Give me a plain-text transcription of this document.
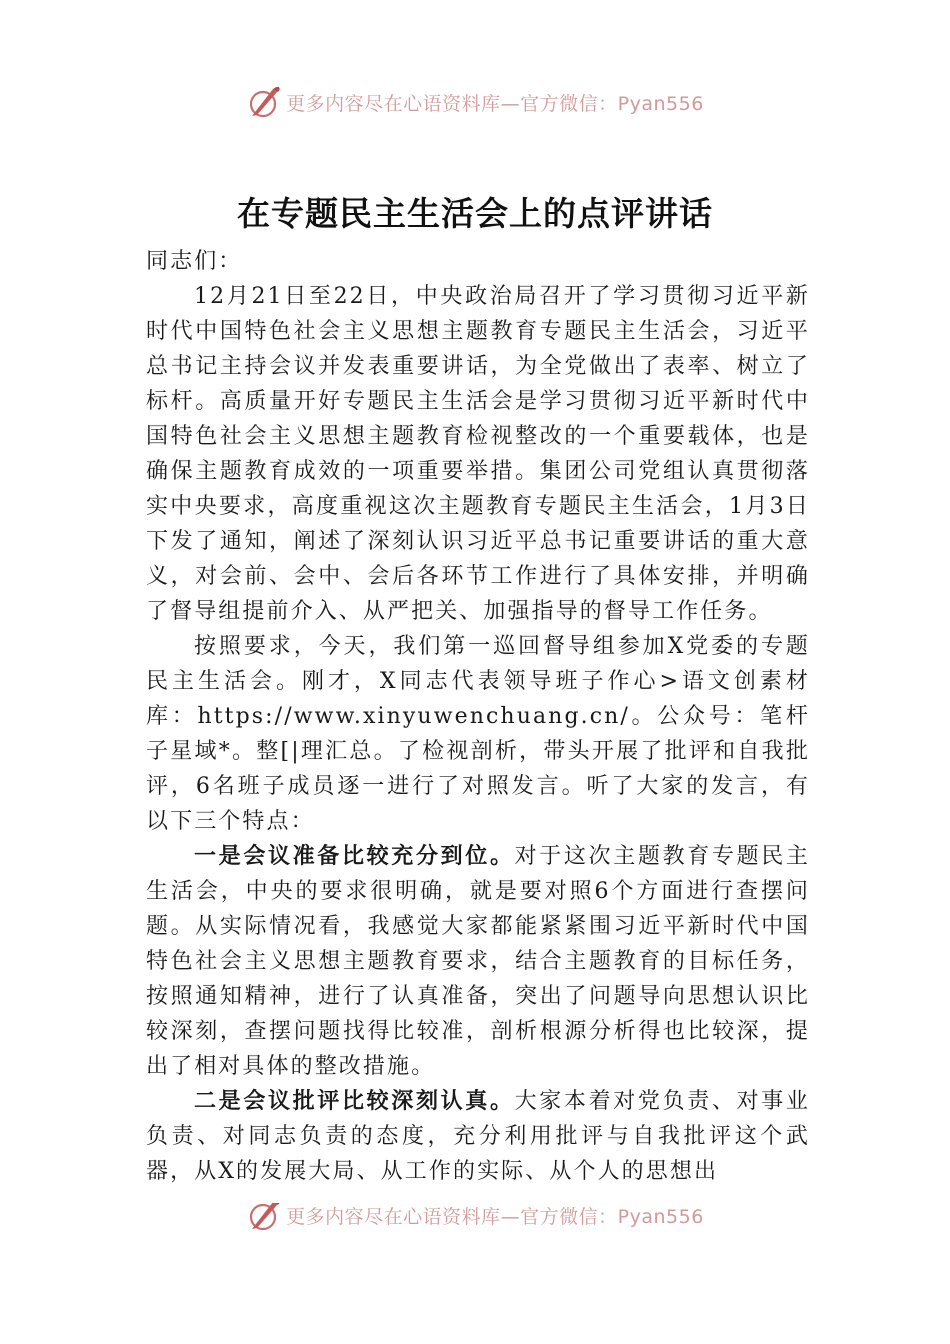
更多内容尽在心语资料库—官方微信：Pyan556
在专题民主生活会上的点评讲话

同志们：

12月21日至22日，中央政治局召开了学习贯彻习近平新时代中国特色社会主义思想主题教育专题民主生活会，习近平总书记主持会议并发表重要讲话，为全党做出了表率、树立了标杆。高质量开好专题民主生活会是学习贯彻习近平新时代中国特色社会主义思想主题教育检视整改的一个重要载体，也是确保主题教育成效的一项重要举措。集团公司党组认真贯彻落实中央要求，高度重视这次主题教育专题民主生活会，1月3日下发了通知，阐述了深刻认识习近平总书记重要讲话的重大意义，对会前、会中、会后各环节工作进行了具体安排，并明确了督导组提前介入、从严把关、加强指导的督导工作任务。

按照要求，今天，我们第一巡回督导组参加X党委的专题民主生活会。刚才，X同志代表领导班子作心>语文创素材库：https://www.xinyuwenchuang.cn/。公众号：笔杆子星域*。整[|理汇总。了检视剖析，带头开展了批评和自我批评，6名班子成员逐一进行了对照发言。听了大家的发言，有以下三个特点：

一是会议准备比较充分到位。对于这次主题教育专题民主生活会，中央的要求很明确，就是要对照6个方面进行查摆问题。从实际情况看，我感觉大家都能紧紧围习近平新时代中国特色社会主义思想主题教育要求，结合主题教育的目标任务，按照通知精神，进行了认真准备，突出了问题导向思想认识比较深刻，查摆问题找得比较准，剖析根源分析得也比较深，提出了相对具体的整改措施。

二是会议批评比较深刻认真。大家本着对党负责、对事业负责、对同志负责的态度，充分利用批评与自我批评这个武器，从X的发展大局、从工作的实际、从个人的思想出

更多内容尽在心语资料库—官方微信：Pyan556
